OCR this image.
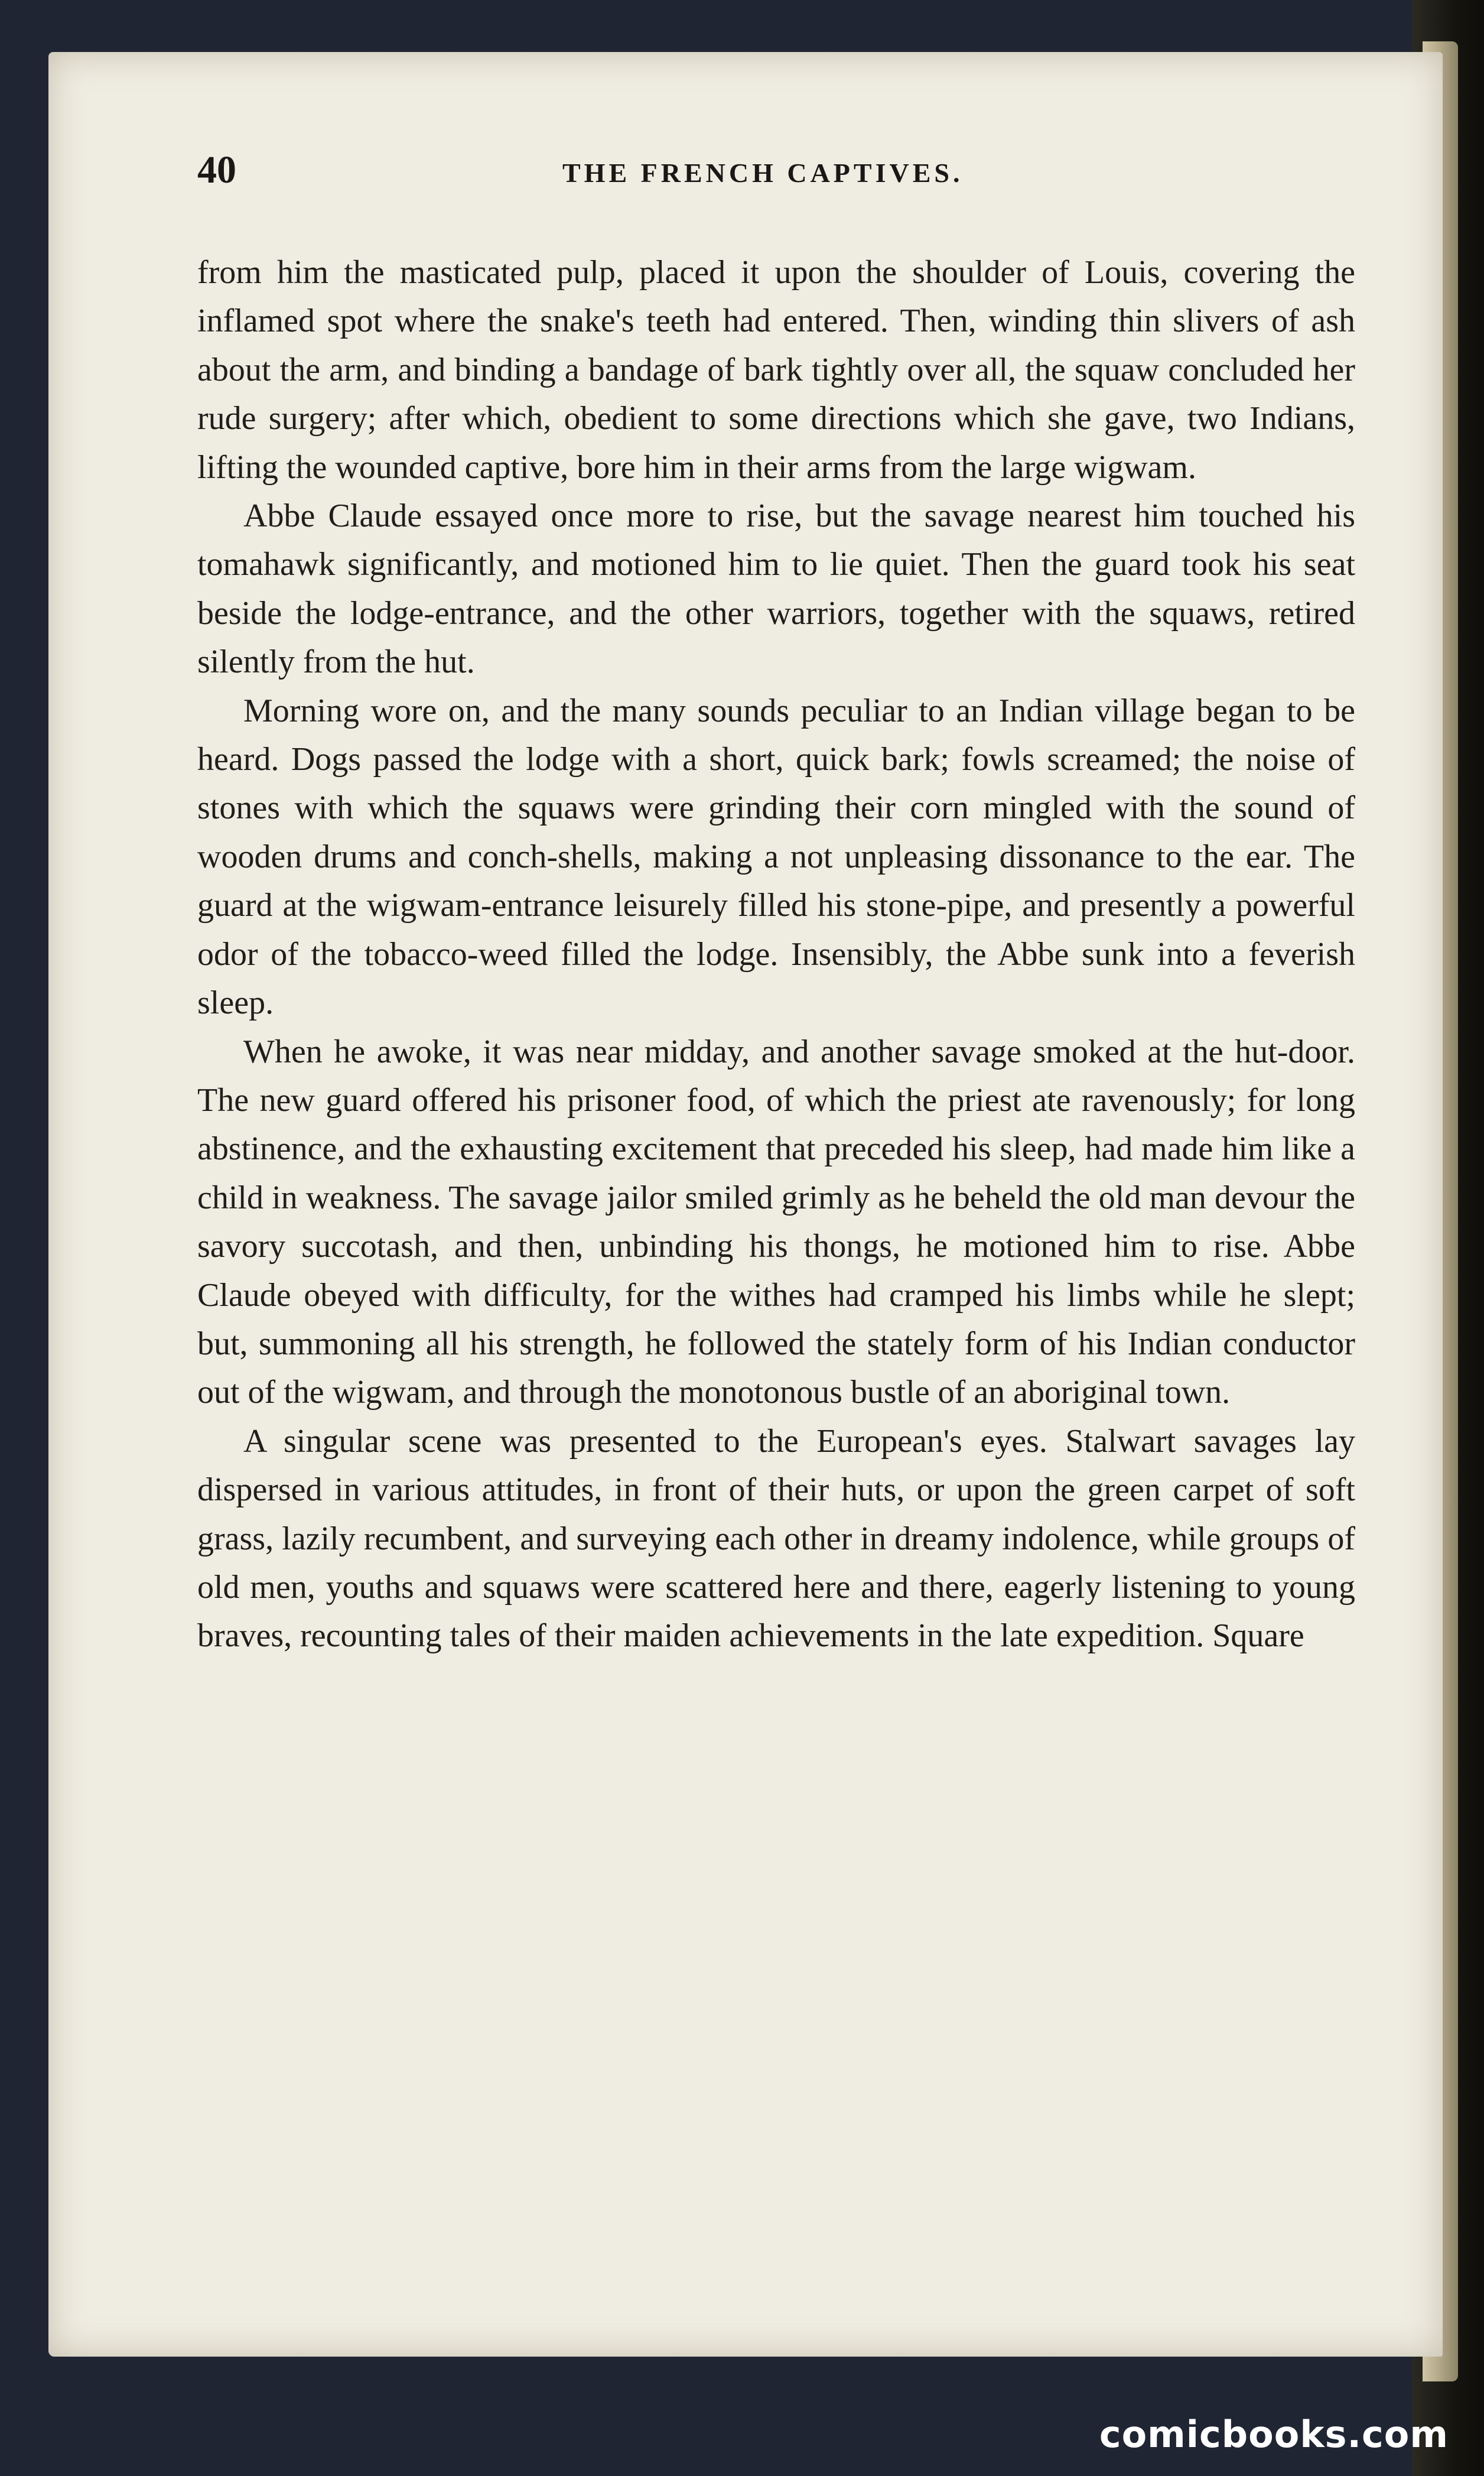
40	THE FRENCH CAPTIVES.

from him the masticated pulp, placed it upon the shoulder of Louis, covering the inflamed spot where the snake's teeth had entered. Then, winding thin slivers of ash about the arm, and binding a bandage of bark tightly over all, the squaw concluded her rude surgery; after which, obedient to some directions which she gave, two Indians, lifting the wounded captive, bore him in their arms from the large wigwam.

Abbe Claude essayed once more to rise, but the savage nearest him touched his tomahawk significantly, and motioned him to lie quiet. Then the guard took his seat beside the lodge-entrance, and the other warriors, together with the squaws, retired silently from the hut.

Morning wore on, and the many sounds peculiar to an Indian village began to be heard. Dogs passed the lodge with a short, quick bark; fowls screamed; the noise of stones with which the squaws were grinding their corn mingled with the sound of wooden drums and conch-shells, making a not unpleasing dissonance to the ear. The guard at the wigwam-entrance leisurely filled his stone-pipe, and presently a powerful odor of the tobacco-weed filled the lodge. Insensibly, the Abbe sunk into a feverish sleep.

When he awoke, it was near midday, and another savage smoked at the hut-door. The new guard offered his prisoner food, of which the priest ate ravenously; for long abstinence, and the exhausting excitement that preceded his sleep, had made him like a child in weakness. The savage jailor smiled grimly as he beheld the old man devour the savory succotash, and then, unbinding his thongs, he motioned him to rise. Abbe Claude obeyed with difficulty, for the withes had cramped his limbs while he slept; but, summoning all his strength, he followed the stately form of his Indian conductor out of the wigwam, and through the monotonous bustle of an aboriginal town.

A singular scene was presented to the European's eyes. Stalwart savages lay dispersed in various attitudes, in front of their huts, or upon the green carpet of soft grass, lazily recumbent, and surveying each other in dreamy indolence, while groups of old men, youths and squaws were scattered here and there, eagerly listening to young braves, recounting tales of their maiden achievements in the late expedition. Square

comicbooks.com
